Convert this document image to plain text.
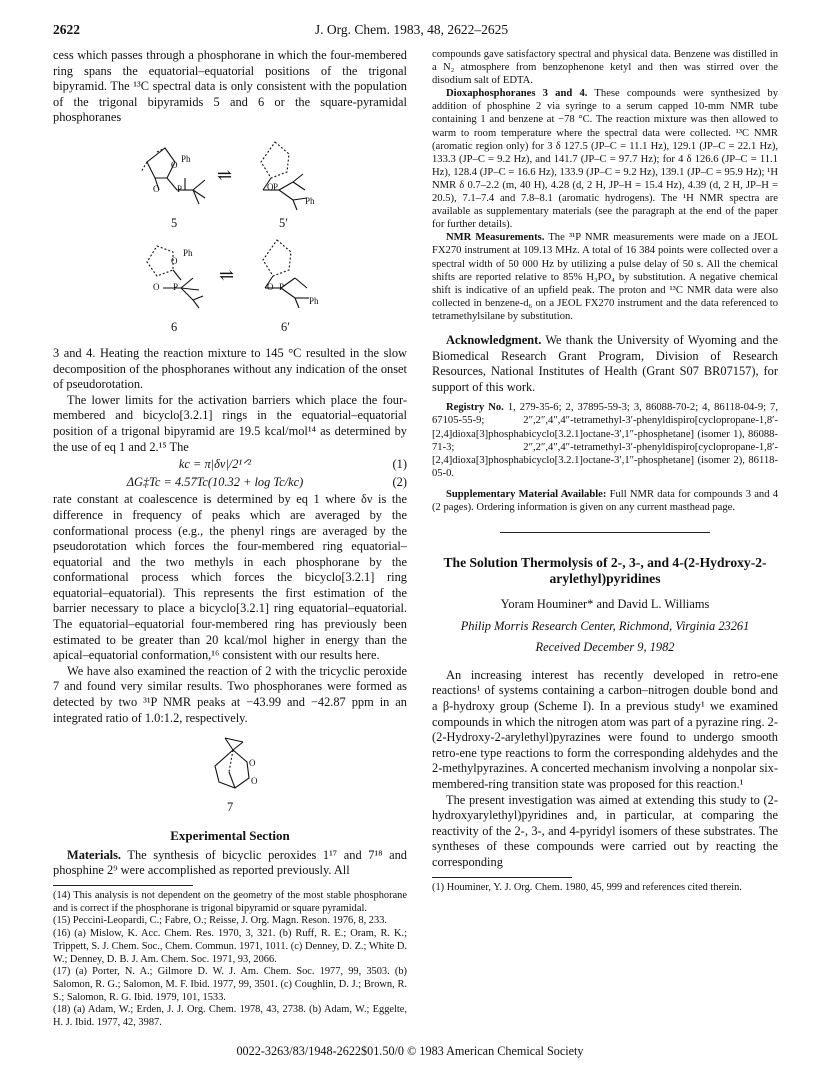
2622	J. Org. Chem. 1983, 48, 2622–2625

cess which passes through a phosphorane in which the four-membered ring spans the equatorial–equatorial positions of the trigonal bipyramid. The ¹³C spectral data is only consistent with the population of the trigonal bipyramids 5 and 6 or the square-pyramidal phosphoranes

O
Ph
O P
⇌
O P
Ph
5	5′
O
Ph
O P
⇌
O P
Ph
6	6′

3 and 4. Heating the reaction mixture to 145 °C resulted in the slow decomposition of the phosphoranes without any indication of the onset of pseudorotation.

The lower limits for the activation barriers which place the four-membered and bicyclo[3.2.1] rings in the equatorial–equatorial position of a trigonal bipyramid are 19.5 kcal/mol¹⁴ as determined by the use of eq 1 and 2.¹⁵ The

kc = π|δν|/2¹ᐟ²	(1)
ΔG‡Tc = 4.57Tc(10.32 + log Tc/kc)	(2)

rate constant at coalescence is determined by eq 1 where δν is the difference in frequency of peaks which are averaged by the conformational process (e.g., the phenyl rings are averaged by the pseudorotation which forces the four-membered ring equatorial–equatorial and the two methyls in each phosphorane by the conformational process which forces the bicyclo[3.2.1] ring equatorial–equatorial). This represents the first estimation of the barrier necessary to place a bicyclo[3.2.1] ring equatorial–equatorial. The equatorial–equatorial four-membered ring has previously been estimated to be greater than 20 kcal/mol higher in energy than the apical–equatorial conformation,¹⁶ consistent with our results here.

We have also examined the reaction of 2 with the tricyclic peroxide 7 and found very similar results. Two phosphoranes were formed as detected by two ³¹P NMR peaks at −43.99 and −42.87 ppm in an integrated ratio of 1.0:1.2, respectively.

O
O
7
Experimental Section

Materials. The synthesis of bicyclic peroxides 1¹⁷ and 7¹⁸ and phosphine 2⁹ were accomplished as reported previously. All

(14) This analysis is not dependent on the geometry of the most stable phosphorane and is correct if the phosphorane is trigonal bipyramid or square pyramidal.
(15) Peccini-Leopardi, C.; Fabre, O.; Reisse, J. Org. Magn. Reson. 1976, 8, 233.
(16) (a) Mislow, K. Acc. Chem. Res. 1970, 3, 321. (b) Ruff, R. E.; Oram, R. K.; Trippett, S. J. Chem. Soc., Chem. Commun. 1971, 1011. (c) Denney, D. Z.; White D. W.; Denney, D. B. J. Am. Chem. Soc. 1971, 93, 2066.
(17) (a) Porter, N. A.; Gilmore D. W. J. Am. Chem. Soc. 1977, 99, 3503. (b) Salomon, R. G.; Salomon, M. F. Ibid. 1977, 99, 3501. (c) Coughlin, D. J.; Brown, R. S.; Salomon, R. G. Ibid. 1979, 101, 1533.
(18) (a) Adam, W.; Erden, J. J. Org. Chem. 1978, 43, 2738. (b) Adam, W.; Eggelte, H. J. Ibid. 1977, 42, 3987.

compounds gave satisfactory spectral and physical data. Benzene was distilled in a N₂ atmosphere from benzophenone ketyl and then was stirred over the disodium salt of EDTA.

Dioxaphosphoranes 3 and 4. These compounds were synthesized by addition of phosphine 2 via syringe to a serum capped 10-mm NMR tube containing 1 and benzene at −78 °C. The reaction mixture was then allowed to warm to room temperature where the spectral data were collected. ¹³C NMR (aromatic region only) for 3 δ 127.5 (JP–C = 11.1 Hz), 129.1 (JP–C = 22.1 Hz), 133.3 (JP–C = 9.2 Hz), and 141.7 (JP–C = 97.7 Hz); for 4 δ 126.6 (JP–C = 11.1 Hz), 128.4 (JP–C = 16.6 Hz), 133.9 (JP–C = 9.2 Hz), 139.1 (JP–C = 95.9 Hz); ¹H NMR δ 0.7–2.2 (m, 40 H), 4.28 (d, 2 H, JP–H = 15.4 Hz), 4.39 (d, 2 H, JP–H = 20.5), 7.1–7.4 and 7.8–8.1 (aromatic hydrogens). The ¹H NMR spectra are available as supplementary materials (see the paragraph at the end of the paper for further details).

NMR Measurements. The ³¹P NMR measurements were made on a JEOL FX270 instrument at 109.13 MHz. A total of 16 384 points were collected over a spectral width of 50 000 Hz by utilizing a pulse delay of 50 s. All the chemical shifts are reported relative to 85% H₃PO₄ by substitution. A negative chemical shift is indicative of an upfield peak. The proton and ¹³C NMR data were also collected in benzene-d₆ on a JEOL FX270 instrument and the data referenced to tetramethylsilane by substitution.

Acknowledgment. We thank the University of Wyoming and the Biomedical Research Grant Program, Division of Research Resources, National Institutes of Health (Grant S07 BR07157), for support of this work.

Registry No. 1, 279-35-6; 2, 37895-59-3; 3, 86088-70-2; 4, 86118-04-9; 7, 67105-55-9; 2″,2″,4″,4″-tetramethyl-3′-phenyldispiro[cyclopropane-1,8′-[2,4]dioxa[3]phosphabicyclo[3.2.1]octane-3′,1″-phosphetane] (isomer 1), 86088-71-3; 2″,2″,4″,4″-tetramethyl-3′-phenyldispiro[cyclopropane-1,8′-[2,4]dioxa[3]phosphabicyclo[3.2.1]octane-3′,1″-phosphetane] (isomer 2), 86118-05-0.

Supplementary Material Available: Full NMR data for compounds 3 and 4 (2 pages). Ordering information is given on any current masthead page.

The Solution Thermolysis of 2-, 3-, and 4-(2-Hydroxy-2-arylethyl)pyridines
Yoram Houminer* and David L. Williams
Philip Morris Research Center, Richmond, Virginia 23261
Received December 9, 1982

An increasing interest has recently developed in retro-ene reactions¹ of systems containing a carbon–nitrogen double bond and a β-hydroxy group (Scheme I). In a previous study¹ we examined compounds in which the nitrogen atom was part of a pyrazine ring. 2-(2-Hydroxy-2-arylethyl)pyrazines were found to undergo smooth retro-ene type reactions to form the corresponding aldehydes and the 2-methylpyrazines. A concerted mechanism involving a nonpolar six-membered-ring transition state was proposed for this reaction.¹

The present investigation was aimed at extending this study to (2-hydroxyarylethyl)pyridines and, in particular, at comparing the reactivity of the 2-, 3-, and 4-pyridyl isomers of these substrates. The syntheses of these compounds were carried out by reacting the corresponding

(1) Houminer, Y. J. Org. Chem. 1980, 45, 999 and references cited therein.
0022-3263/83/1948-2622$01.50/0 © 1983 American Chemical Society
